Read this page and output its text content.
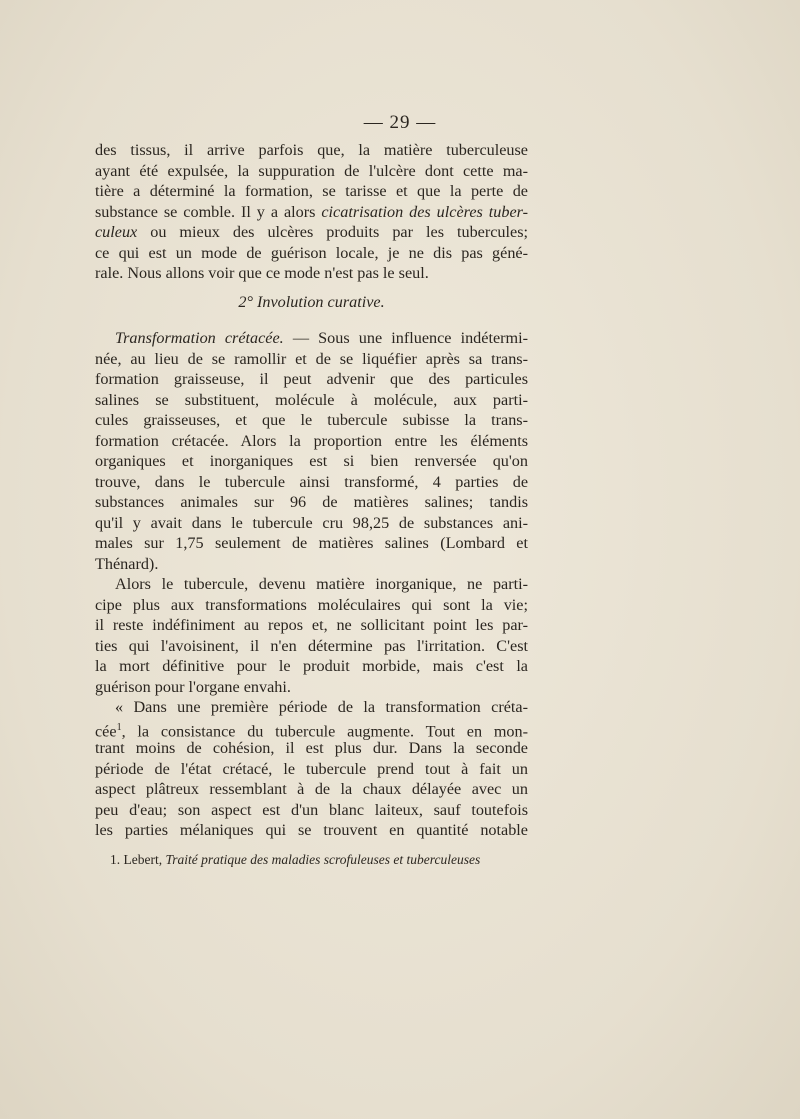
— 29 —
des tissus, il arrive parfois que, la matière tuberculeuse
ayant été expulsée, la suppuration de l'ulcère dont cette ma-
tière a déterminé la formation, se tarisse et que la perte de
substance se comble. Il y a alors cicatrisation des ulcères tuber-
culeux ou mieux des ulcères produits par les tubercules;
ce qui est un mode de guérison locale, je ne dis pas géné-
rale. Nous allons voir que ce mode n'est pas le seul.
2° Involution curative.
Transformation crétacée. — Sous une influence indétermi-
née, au lieu de se ramollir et de se liquéfier après sa trans-
formation graisseuse, il peut advenir que des particules
salines se substituent, molécule à molécule, aux parti-
cules graisseuses, et que le tubercule subisse la trans-
formation crétacée. Alors la proportion entre les éléments
organiques et inorganiques est si bien renversée qu'on
trouve, dans le tubercule ainsi transformé, 4 parties de
substances animales sur 96 de matières salines; tandis
qu'il y avait dans le tubercule cru 98,25 de substances ani-
males sur 1,75 seulement de matières salines (Lombard et
Thénard).
Alors le tubercule, devenu matière inorganique, ne parti-
cipe plus aux transformations moléculaires qui sont la vie;
il reste indéfiniment au repos et, ne sollicitant point les par-
ties qui l'avoisinent, il n'en détermine pas l'irritation. C'est
la mort définitive pour le produit morbide, mais c'est la
guérison pour l'organe envahi.
« Dans une première période de la transformation créta-
cée$^1$, la consistance du tubercule augmente. Tout en mon-
trant moins de cohésion, il est plus dur. Dans la seconde
période de l'état crétacé, le tubercule prend tout à fait un
aspect plâtreux ressemblant à de la chaux délayée avec un
peu d'eau; son aspect est d'un blanc laiteux, sauf toutefois
les parties mélaniques qui se trouvent en quantité notable
1. Lebert, Traité pratique des maladies scrofuleuses et tuberculeuses
